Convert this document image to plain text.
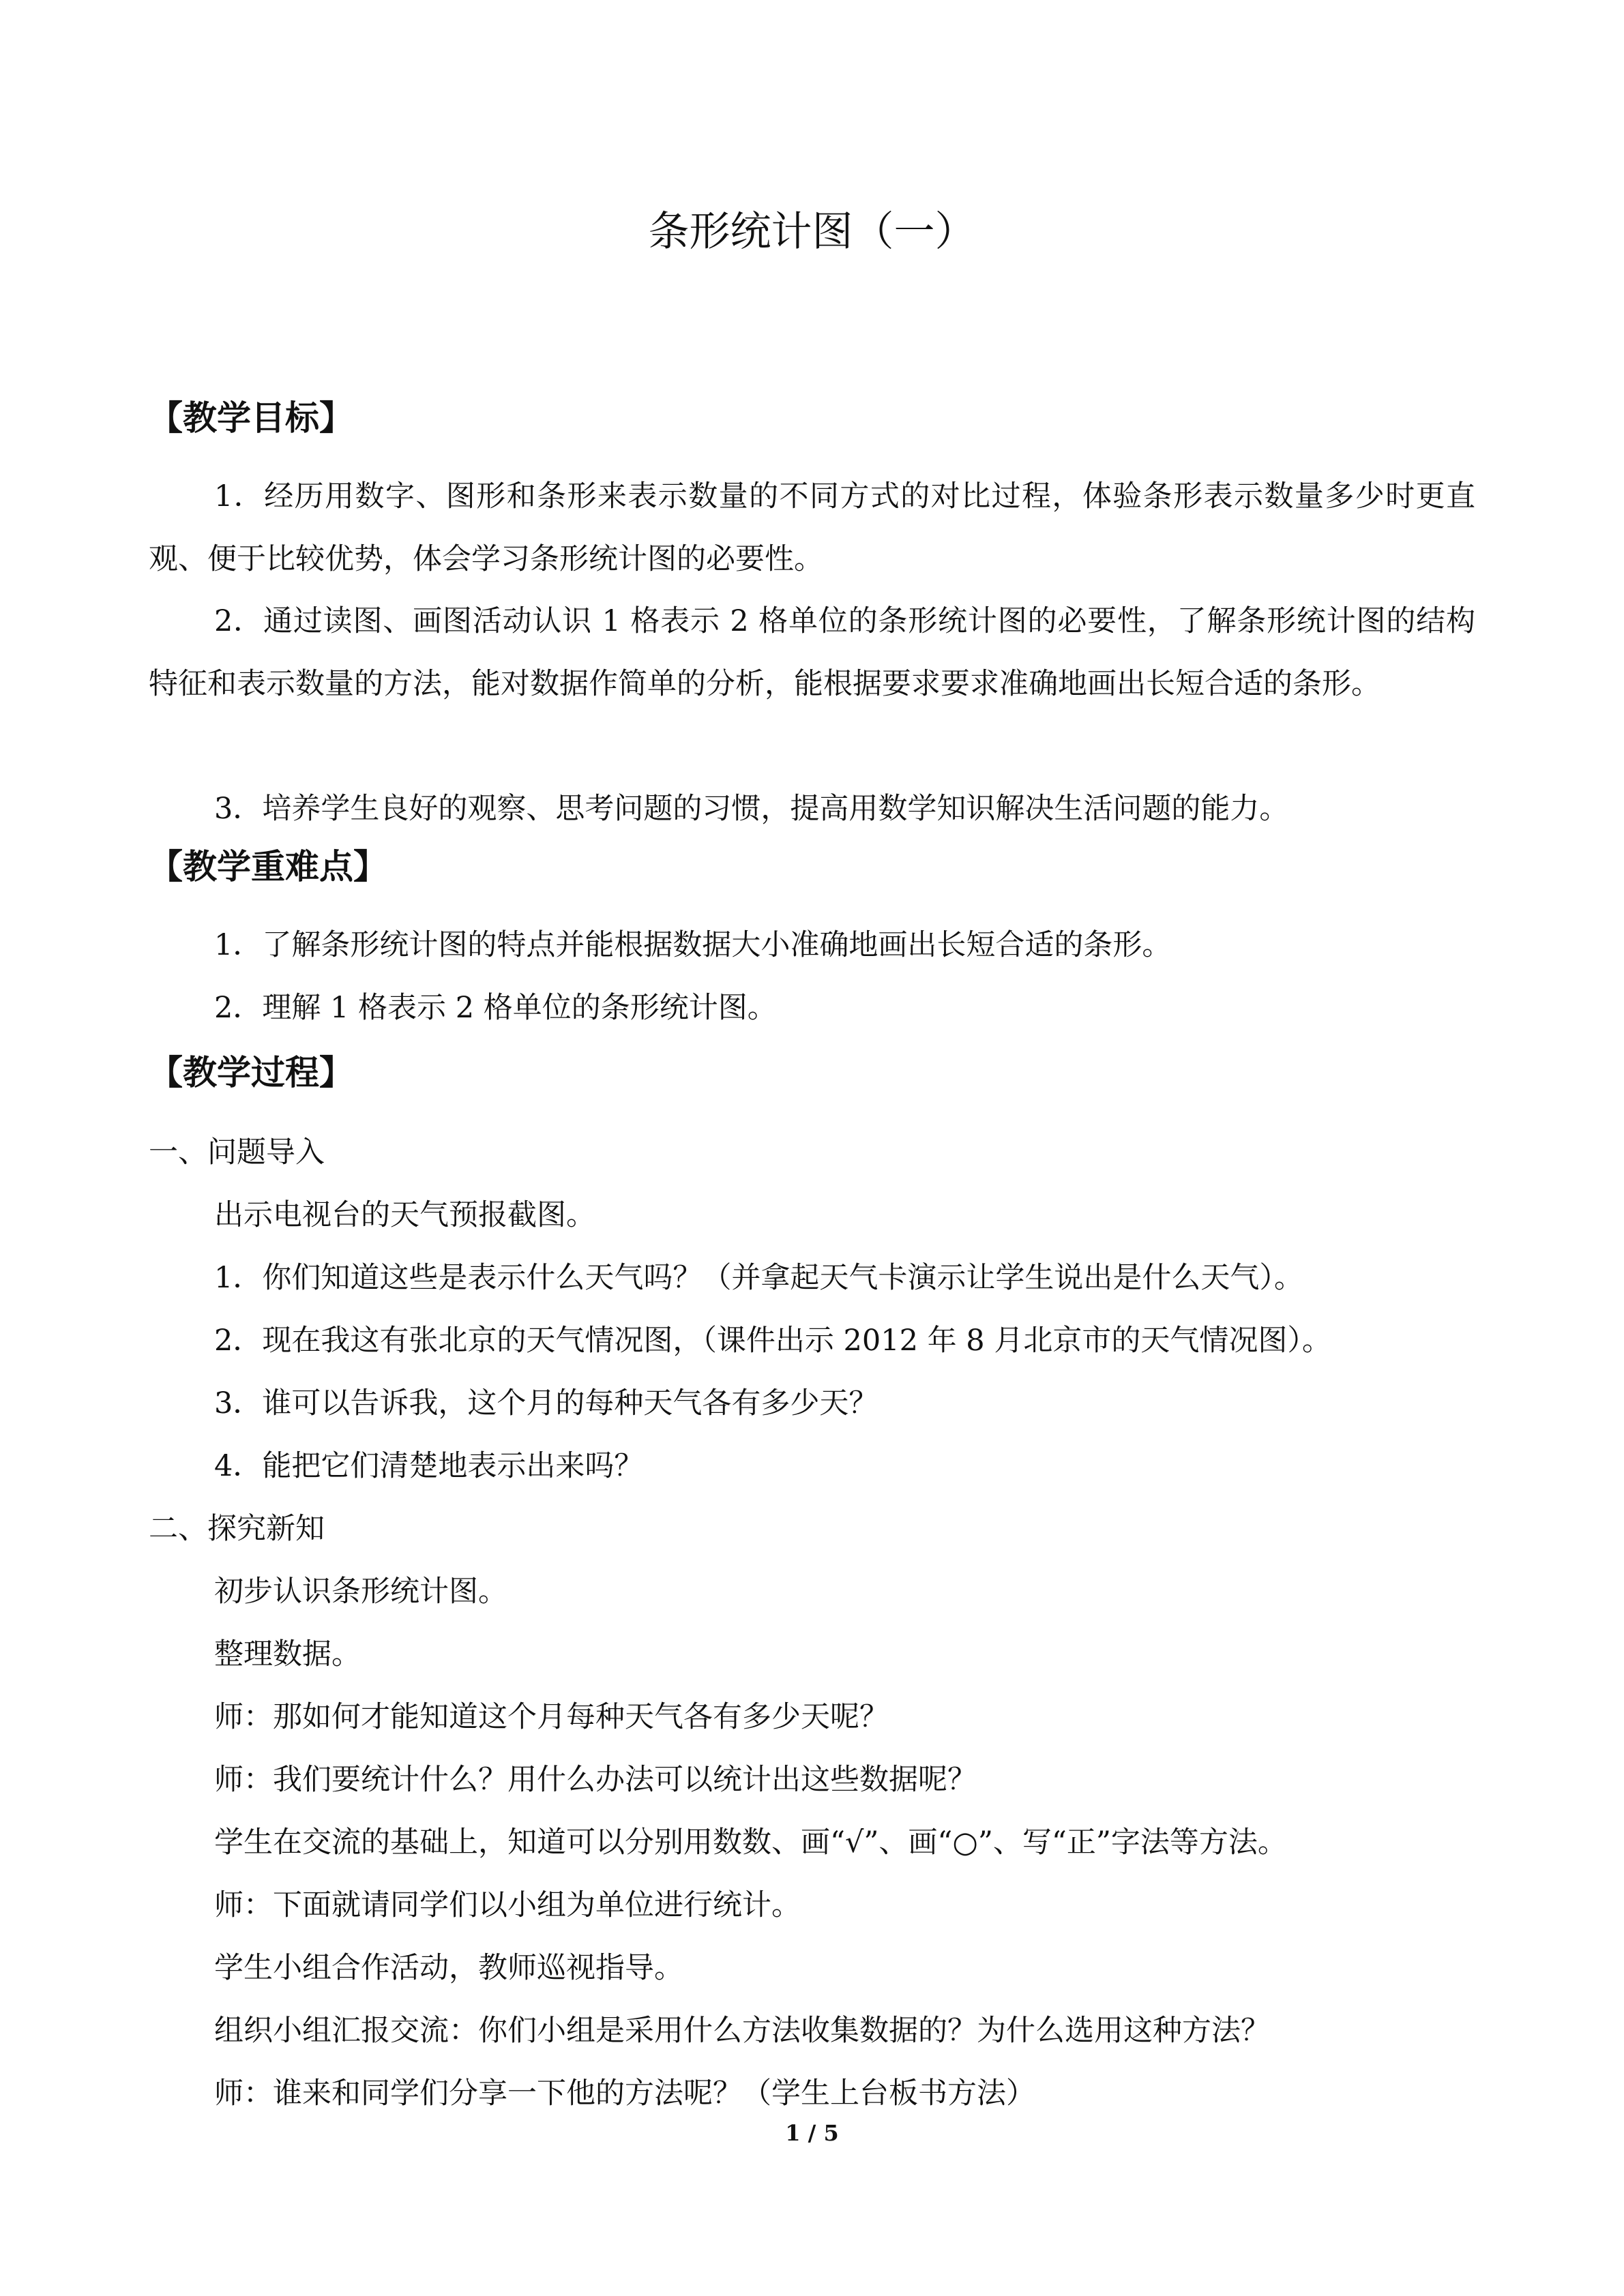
条形统计图（一）
【教学目标】

1．经历用数字、图形和条形来表示数量的不同方式的对比过程，体验条形表示数量多少时更直观、便于比较优势，体会学习条形统计图的必要性。

2．通过读图、画图活动认识 1 格表示 2 格单位的条形统计图的必要性，了解条形统计图的结构特征和表示数量的方法，能对数据作简单的分析，能根据要求要求准确地画出长短合适的条形。

3．培养学生良好的观察、思考问题的习惯，提高用数学知识解决生活问题的能力。

【教学重难点】
1．了解条形统计图的特点并能根据数据大小准确地画出长短合适的条形。
2．理解 1 格表示 2 格单位的条形统计图。
【教学过程】
一、问题导入
出示电视台的天气预报截图。
1．你们知道这些是表示什么天气吗？（并拿起天气卡演示让学生说出是什么天气）。
2．现在我这有张北京的天气情况图，（课件出示 2012 年 8 月北京市的天气情况图）。
3．谁可以告诉我，这个月的每种天气各有多少天？
4．能把它们清楚地表示出来吗？
二、探究新知
初步认识条形统计图。
整理数据。
师：那如何才能知道这个月每种天气各有多少天呢？
师：我们要统计什么？用什么办法可以统计出这些数据呢？
学生在交流的基础上，知道可以分别用数数、画“√”、画“○”、写“正”字法等方法。
师：下面就请同学们以小组为单位进行统计。
学生小组合作活动，教师巡视指导。
组织小组汇报交流：你们小组是采用什么方法收集数据的？为什么选用这种方法？
师：谁来和同学们分享一下他的方法呢？（学生上台板书方法）
1 / 5
